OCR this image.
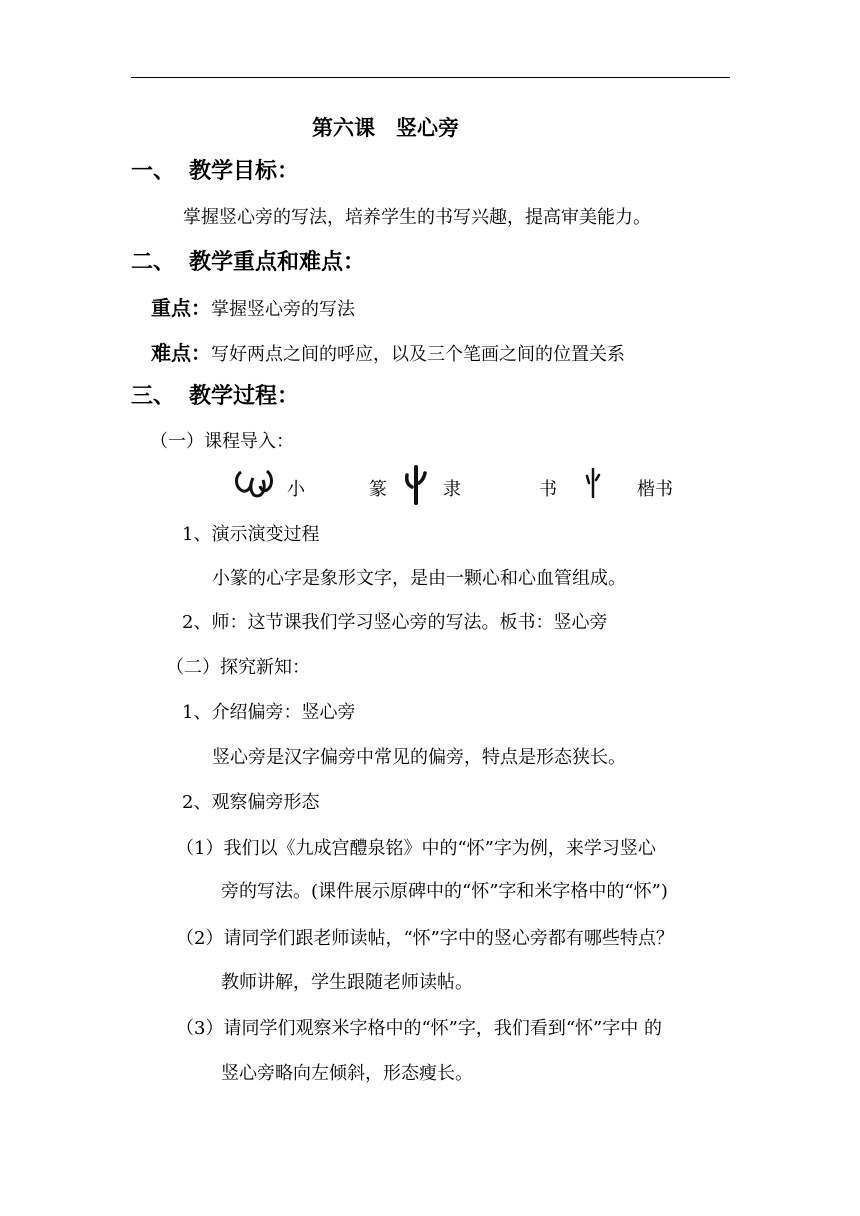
第六课　竖心旁
一、 教学目标：
掌握竖心旁的写法，培养学生的书写兴趣，提高审美能力。
二、 教学重点和难点：
重点：掌握竖心旁的写法
难点：写好两点之间的呼应，以及三个笔画之间的位置关系
三、 教学过程：
（一）课程导入：
小	篆	隶	书	楷书
1、演示演变过程
小篆的心字是象形文字，是由一颗心和心血管组成。
2、师：这节课我们学习竖心旁的写法。板书：竖心旁
（二）探究新知：
1、介绍偏旁：竖心旁
竖心旁是汉字偏旁中常见的偏旁，特点是形态狭长。
2、观察偏旁形态
（1）我们以《九成宫醴泉铭》中的“怀”字为例，来学习竖心
旁的写法。(课件展示原碑中的“怀”字和米字格中的“怀”)
（2）请同学们跟老师读帖，“怀”字中的竖心旁都有哪些特点？
教师讲解，学生跟随老师读帖。
（3）请同学们观察米字格中的“怀”字，我们看到“怀”字中 的
竖心旁略向左倾斜，形态瘦长。
